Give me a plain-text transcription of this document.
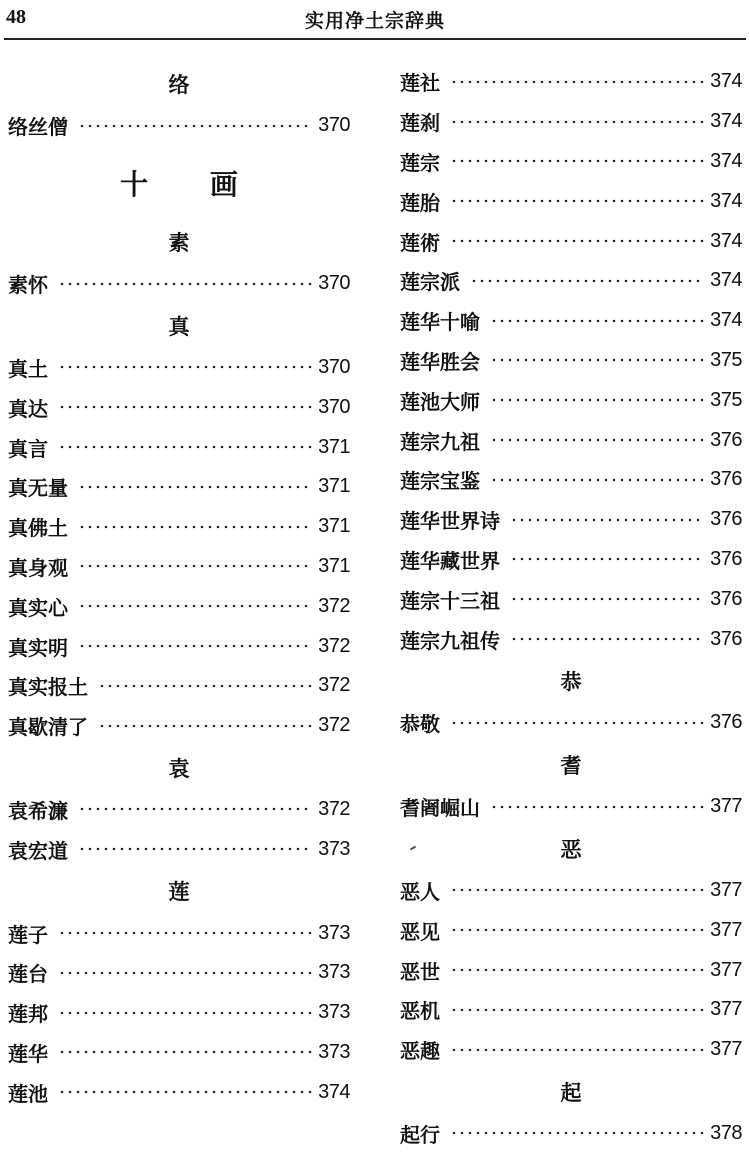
48	实用净土宗辞典
络
络丝僧	370
十 画
素
素怀	370
真
真土	370
真达	370
真言	371
真无量	371
真佛土	371
真身观	371
真实心	372
真实明	372
真实报土	372
真歇清了	372
袁
袁希濂	372
袁宏道	373
莲
莲子	373
莲台	373
莲邦	373
莲华	373
莲池	374
莲社	374
莲刹	374
莲宗	374
莲胎	374
莲術	374
莲宗派	374
莲华十喻	374
莲华胜会	375
莲池大师	375
莲宗九祖	376
莲宗宝鉴	376
莲华世界诗	376
莲华藏世界	376
莲宗十三祖	376
莲宗九祖传	376
恭
恭敬	376
耆
耆阇崛山	377
恶
恶人	377
恶见	377
恶世	377
恶机	377
恶趣	377
起
起行	378
